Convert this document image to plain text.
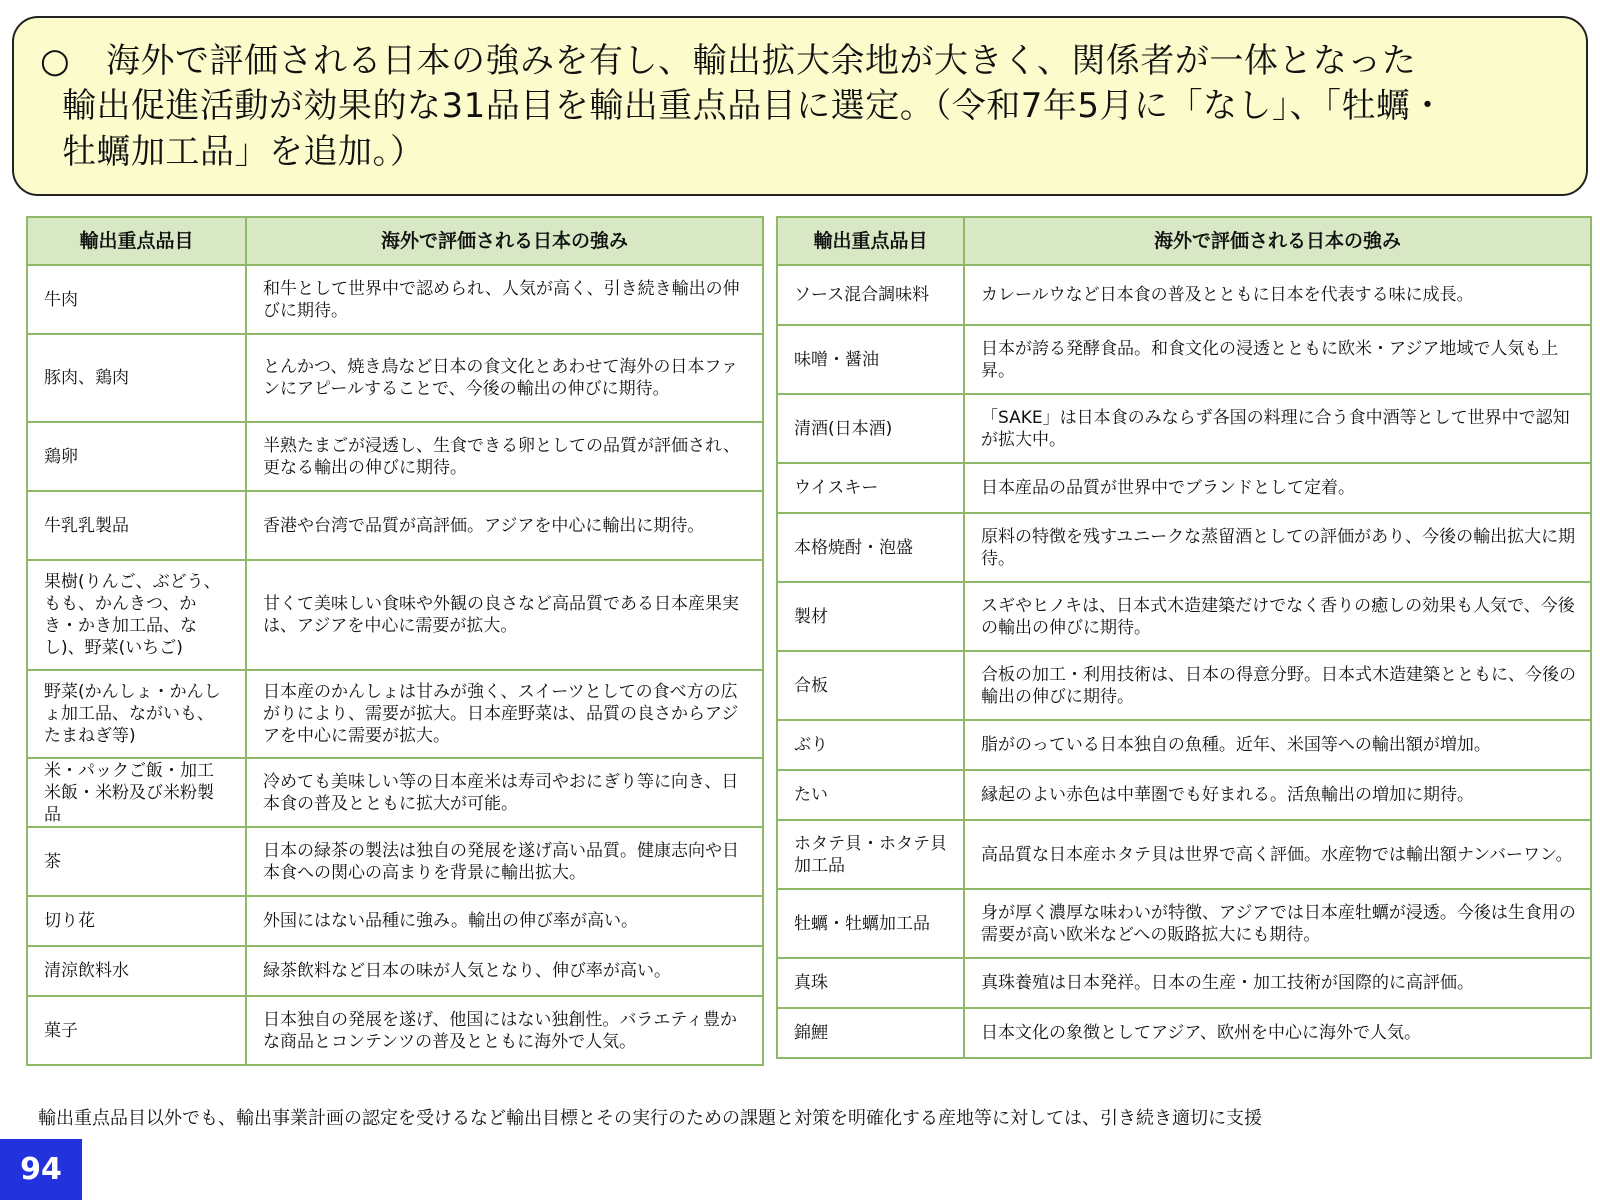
○ 海外で評価される日本の強みを有し、輸出拡大余地が大きく、関係者が一体となった
輸出促進活動が効果的な31品目を輸出重点品目に選定。（令和7年5月に「なし」、「牡蠣・
牡蠣加工品」を追加。）
輸出重点品目	海外で評価される日本の強み
牛肉	和牛として世界中で認められ、人気が高く、引き続き輸出の伸びに期待。
豚肉、鶏肉	とんかつ、焼き鳥など日本の食文化とあわせて海外の日本ファンにアピールすることで、今後の輸出の伸びに期待。
鶏卵	半熟たまごが浸透し、生食できる卵としての品質が評価され、更なる輸出の伸びに期待。
牛乳乳製品	香港や台湾で品質が高評価。アジアを中心に輸出に期待。
果樹(りんご、ぶどう、もも、かんきつ、かき・かき加工品、なし)、野菜(いちご)	甘くて美味しい食味や外観の良さなど高品質である日本産果実は、アジアを中心に需要が拡大。
野菜(かんしょ・かんしょ加工品、ながいも、たまねぎ等)	日本産のかんしょは甘みが強く、スイーツとしての食べ方の広がりにより、需要が拡大。日本産野菜は、品質の良さからアジアを中心に需要が拡大。
米・パックご飯・加工米飯・米粉及び米粉製品	冷めても美味しい等の日本産米は寿司やおにぎり等に向き、日本食の普及とともに拡大が可能。
茶	日本の緑茶の製法は独自の発展を遂げ高い品質。健康志向や日本食への関心の高まりを背景に輸出拡大。
切り花	外国にはない品種に強み。輸出の伸び率が高い。
清涼飲料水	緑茶飲料など日本の味が人気となり、伸び率が高い。
菓子	日本独自の発展を遂げ、他国にはない独創性。バラエティ豊かな商品とコンテンツの普及とともに海外で人気。
輸出重点品目	海外で評価される日本の強み
ソース混合調味料	カレールウなど日本食の普及とともに日本を代表する味に成長。
味噌・醤油	日本が誇る発酵食品。和食文化の浸透とともに欧米・アジア地域で人気も上昇。
清酒(日本酒)	「SAKE」は日本食のみならず各国の料理に合う食中酒等として世界中で認知が拡大中。
ウイスキー	日本産品の品質が世界中でブランドとして定着。
本格焼酎・泡盛	原料の特徴を残すユニークな蒸留酒としての評価があり、今後の輸出拡大に期待。
製材	スギやヒノキは、日本式木造建築だけでなく香りの癒しの効果も人気で、今後の輸出の伸びに期待。
合板	合板の加工・利用技術は、日本の得意分野。日本式木造建築とともに、今後の輸出の伸びに期待。
ぶり	脂がのっている日本独自の魚種。近年、米国等への輸出額が増加。
たい	縁起のよい赤色は中華圏でも好まれる。活魚輸出の増加に期待。
ホタテ貝・ホタテ貝加工品	高品質な日本産ホタテ貝は世界で高く評価。水産物では輸出額ナンバーワン。
牡蠣・牡蠣加工品	身が厚く濃厚な味わいが特徴、アジアでは日本産牡蠣が浸透。今後は生食用の需要が高い欧米などへの販路拡大にも期待。
真珠	真珠養殖は日本発祥。日本の生産・加工技術が国際的に高評価。
錦鯉	日本文化の象徴としてアジア、欧州を中心に海外で人気。
輸出重点品目以外でも、輸出事業計画の認定を受けるなど輸出目標とその実行のための課題と対策を明確化する産地等に対しては、引き続き適切に支援
94
